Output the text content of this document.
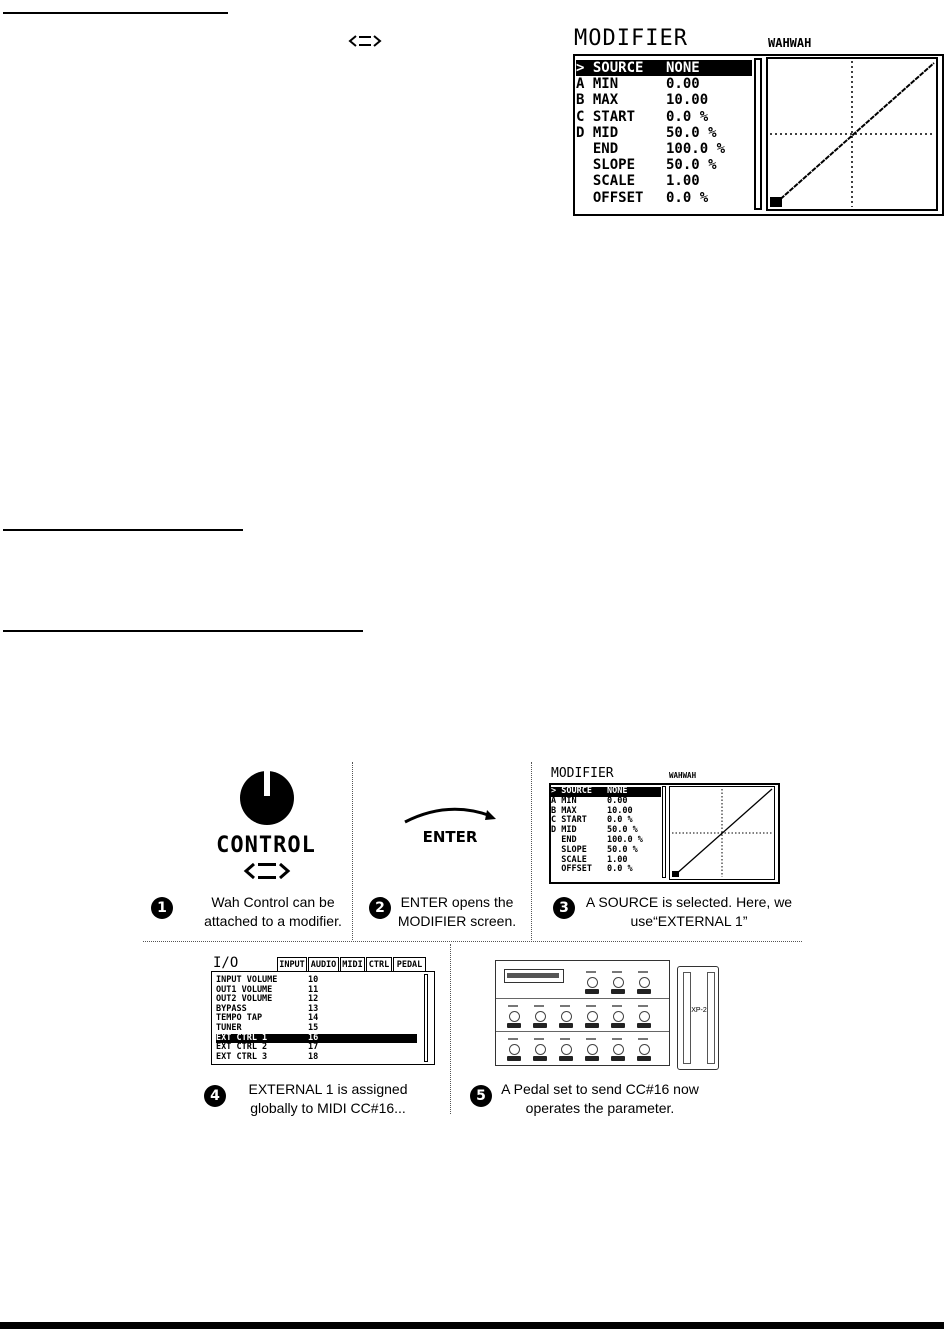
MODIFIER	WAHWAH
> SOURCE	NONE
A MIN	0.00
B MAX	10.00
C START	0.0 %
D MID	50.0 %
END	100.0 %
SLOPE	50.0 %
SCALE	1.00
OFFSET	0.0 %
CONTROL
1	Wah Control can be attached to a modifier.
ENTER
2	ENTER opens the MODIFIER screen.
MODIFIER	WAHWAH
> SOURCE	NONE
A MIN	0.00
B MAX	10.00
C START	0.0 %
D MID	50.0 %
END	100.0 %
SLOPE	50.0 %
SCALE	1.00
OFFSET	0.0 %
3	A SOURCE is selected. Here, we use“EXTERNAL 1”
I/O	INPUT AUDIO MIDI CTRL PEDAL
INPUT VOLUME	10
OUT1 VOLUME	11
OUT2 VOLUME	12
BYPASS	13
TEMPO TAP	14
TUNER	15
EXT CTRL 1	16
EXT CTRL 2	17
EXT CTRL 3	18
4	EXTERNAL 1 is assigned globally to MIDI CC#16...
XP-2
5	A Pedal set to send CC#16 now operates the parameter.
